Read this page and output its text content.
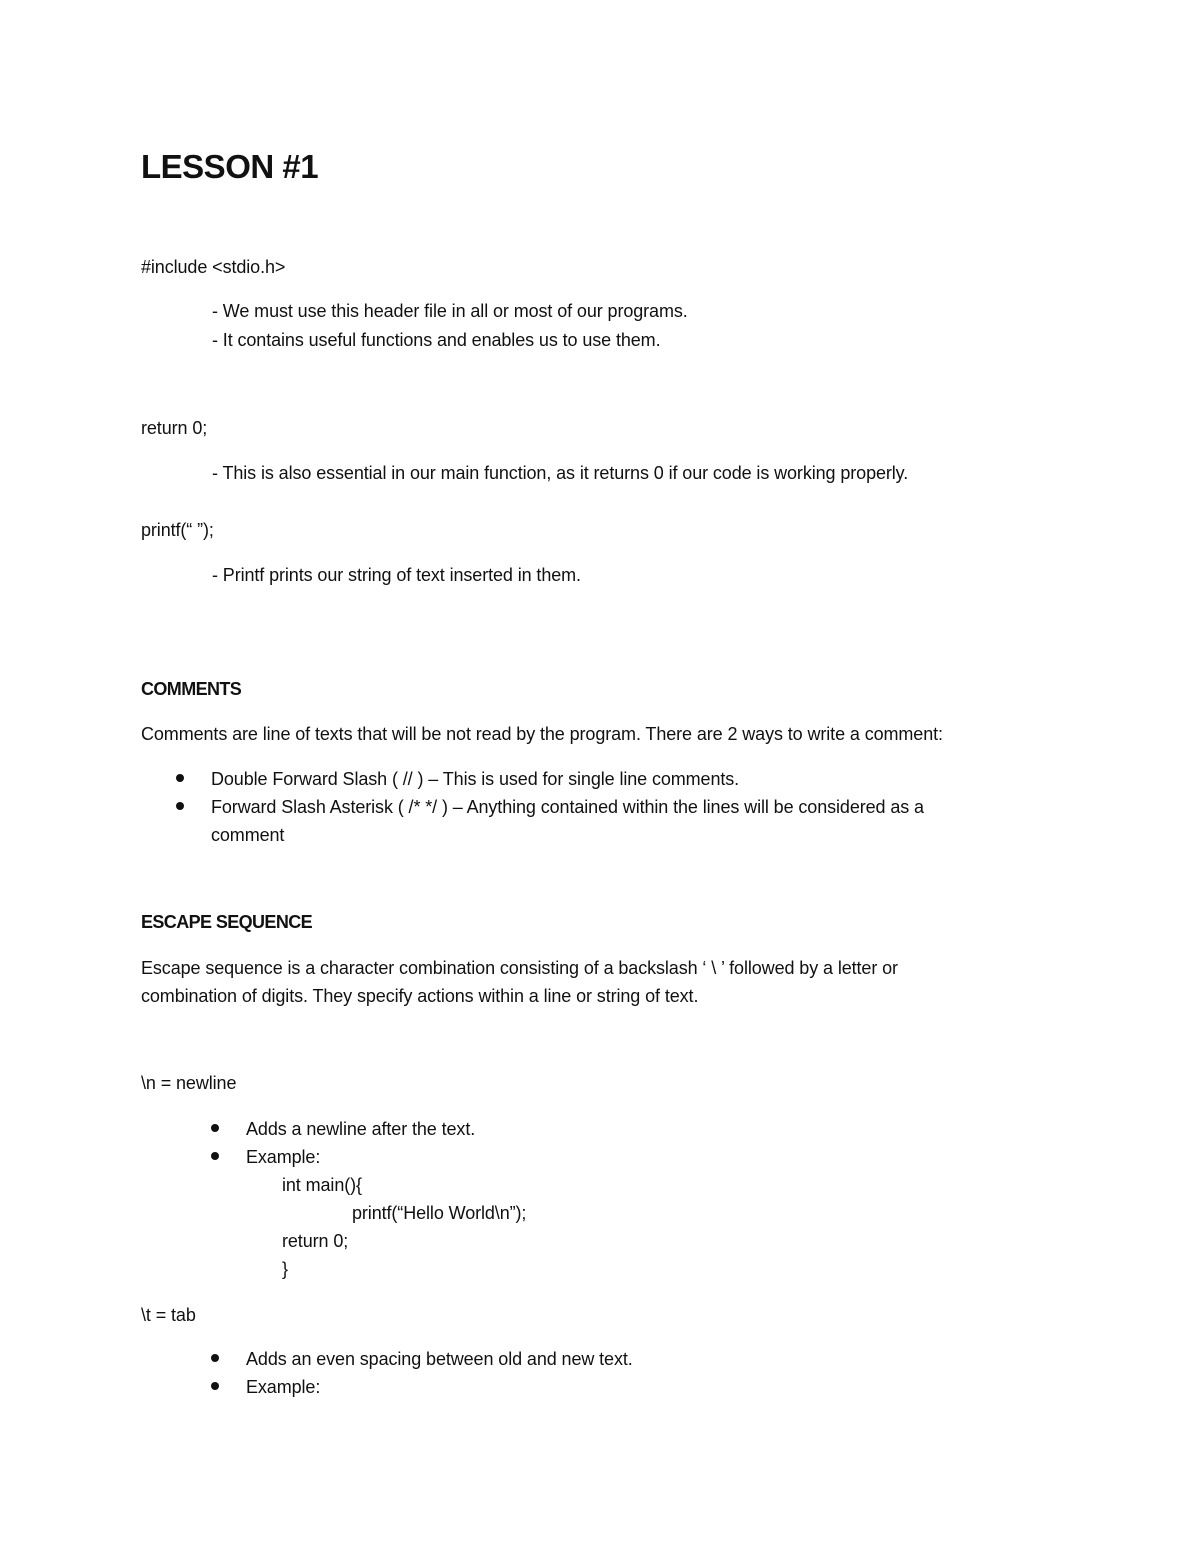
LESSON #1
#include <stdio.h>
- We must use this header file in all or most of our programs.
- It contains useful functions and enables us to use them.
return 0;
- This is also essential in our main function, as it returns 0 if our code is working properly.
printf(“ ”);
- Printf prints our string of text inserted in them.
COMMENTS
Comments are line of texts that will be not read by the program. There are 2 ways to write a comment:
Double Forward Slash ( // ) – This is used for single line comments.
Forward Slash Asterisk ( /* */ ) – Anything contained within the lines will be considered as a
comment
ESCAPE SEQUENCE
Escape sequence is a character combination consisting of a backslash ‘ \ ’ followed by a letter or
combination of digits. They specify actions within a line or string of text.
\n = newline
Adds a newline after the text.
Example:
int main(){
printf(“Hello World\n”);
return 0;
}
\t = tab
Adds an even spacing between old and new text.
Example:
